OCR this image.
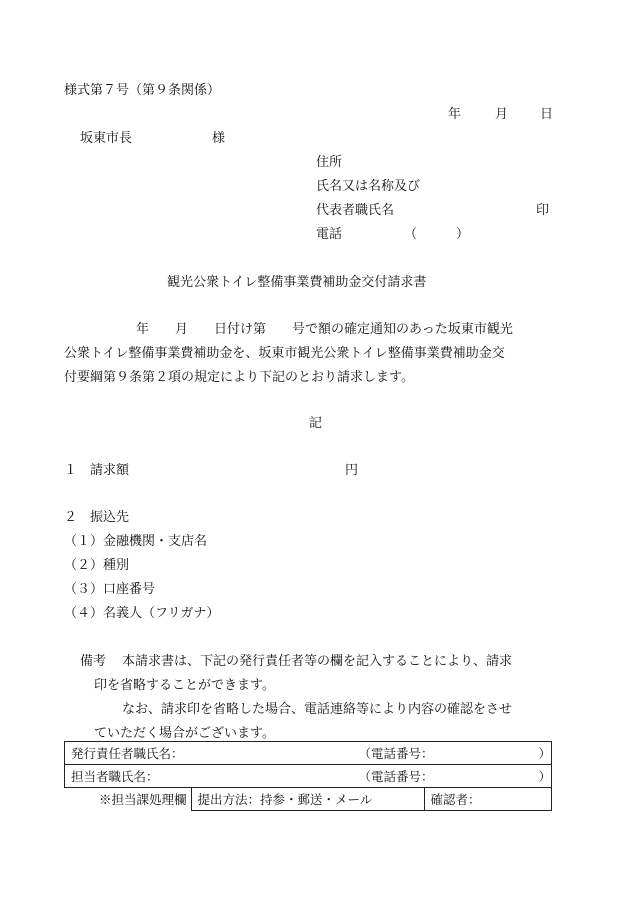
様式第７号（第９条関係）
年	月 日
坂東市長	様
住所
氏名又は名称及び
代表者職氏名	印
電話	（　　　）
観光公衆トイレ整備事業費補助金交付請求書
年　　月　　日付け第　　号で額の確定通知のあった坂東市観光
公衆トイレ整備事業費補助金を、坂東市観光公衆トイレ整備事業費補助金交
付要綱第９条第２項の規定により下記のとおり請求します。
記
１　請求額	円
２　振込先
（１）金融機関・支店名
（２）種別
（３）口座番号
（４）名義人（フリガナ）
備考 本請求書は、下記の発行責任者等の欄を記入することにより、請求
印を省略することができます。
なお、請求印を省略した場合、電話連絡等により内容の確認をさせ
ていただく場合がございます。
発行責任者職氏名：	（電話番号：	）

担当者職氏名：	（電話番号：	）

※担当課処理欄	提出方法：持参・郵送・メール	確認者：
